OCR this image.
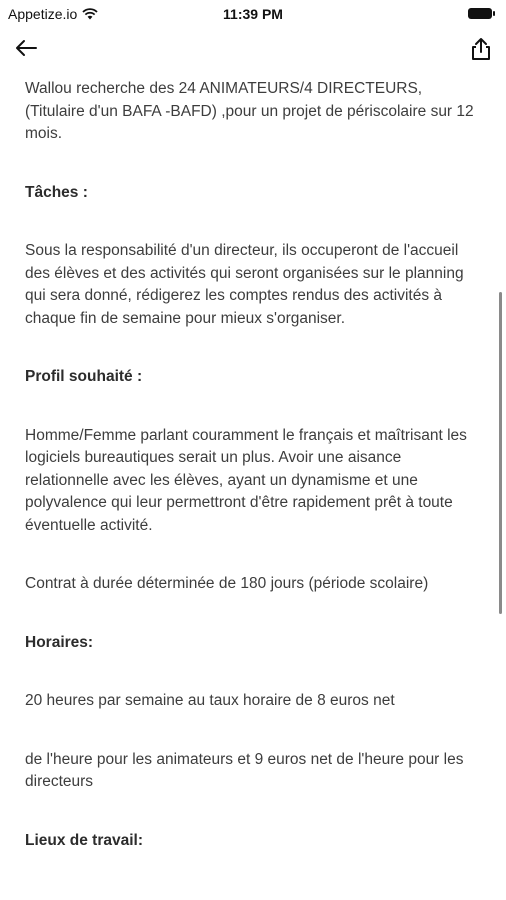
Appetize.io	11:39 PM

Wallou recherche des 24 ANIMATEURS/4 DIRECTEURS, (Titulaire d'un BAFA -BAFD) ,pour un projet de périscolaire sur 12 mois.

Tâches :

Sous la responsabilité d'un directeur, ils occuperont de l'accueil des élèves et des activités qui seront organisées sur le planning qui sera donné, rédigerez les comptes rendus des activités à chaque fin de semaine pour mieux s'organiser.

Profil souhaité :

Homme/Femme parlant couramment le français et maîtrisant les logiciels bureautiques serait un plus. Avoir une aisance relationnelle avec les élèves, ayant un dynamisme et une polyvalence qui leur permettront d'être rapidement prêt à toute éventuelle activité.

Contrat à durée déterminée de 180 jours (période scolaire)

Horaires:

20 heures par semaine au taux horaire de 8 euros net

de l'heure pour les animateurs et 9 euros net de l'heure pour les directeurs

Lieux de travail:
